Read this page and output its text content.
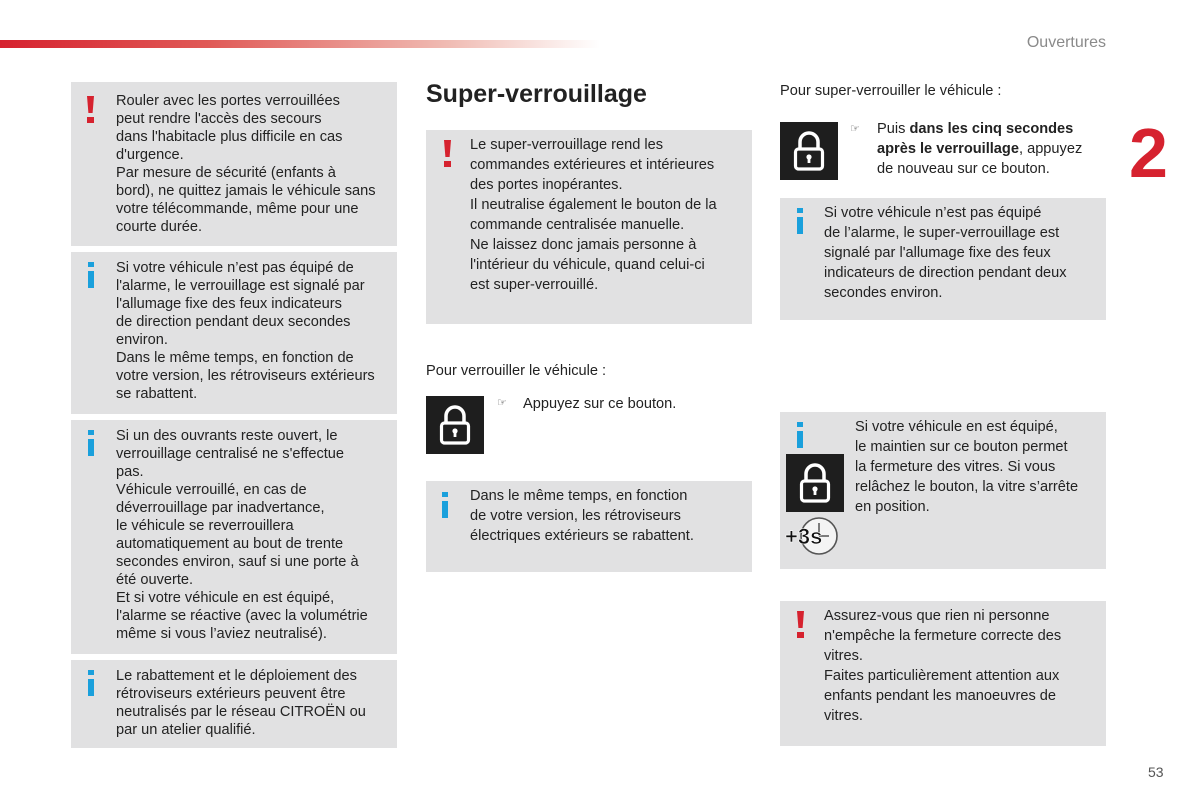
Ouvertures
2

Rouler avec les portes verrouillées

peut rendre l'accès des secours

dans l'habitacle plus difficile en cas

d'urgence.

Par mesure de sécurité (enfants à

bord), ne quittez jamais le véhicule sans

votre télécommande, même pour une

courte durée.

Si votre véhicule n’est pas équipé de

l'alarme, le verrouillage est signalé par

l'allumage fixe des feux indicateurs

de direction pendant deux secondes

environ.

Dans le même temps, en fonction de

votre version, les rétroviseurs extérieurs

se rabattent.

Si un des ouvrants reste ouvert, le

verrouillage centralisé ne s'effectue

pas.

Véhicule verrouillé, en cas de

déverrouillage par inadvertance,

le véhicule se reverrouillera

automatiquement au bout de trente

secondes environ, sauf si une porte à

été ouverte.

Et si votre véhicule en est équipé,

l'alarme se réactive (avec la volumétrie

même si vous l’aviez neutralisé).

Le rabattement et le déploiement des

rétroviseurs extérieurs peuvent être

neutralisés par le réseau CITROËN ou

par un atelier qualifié.

Super-verrouillage

Le super-verrouillage rend les

commandes extérieures et intérieures

des portes inopérantes.

Il neutralise également le bouton de la

commande centralisée manuelle.

Ne laissez donc jamais personne à

l'intérieur du véhicule, quand celui-ci

est super-verrouillé.

Pour verrouiller le véhicule :
☞ Appuyez sur ce bouton.

Dans le même temps, en fonction

de votre version, les rétroviseurs

électriques extérieurs se rabattent.

Pour super-verrouiller le véhicule :
☞ Puis dans les cinq secondes
après le verrouillage, appuyez
de nouveau sur ce bouton.

Si votre véhicule n’est pas équipé

de l’alarme, le super-verrouillage est

signalé par l'allumage fixe des feux

indicateurs de direction pendant deux

secondes environ.

Si votre véhicule en est équipé,

le maintien sur ce bouton permet

la fermeture des vitres. Si vous

relâchez le bouton, la vitre s’arrête

en position.

+3s

Assurez-vous que rien ni personne

n'empêche la fermeture correcte des

vitres.

Faites particulièrement attention aux

enfants pendant les manoeuvres de

vitres.

53
